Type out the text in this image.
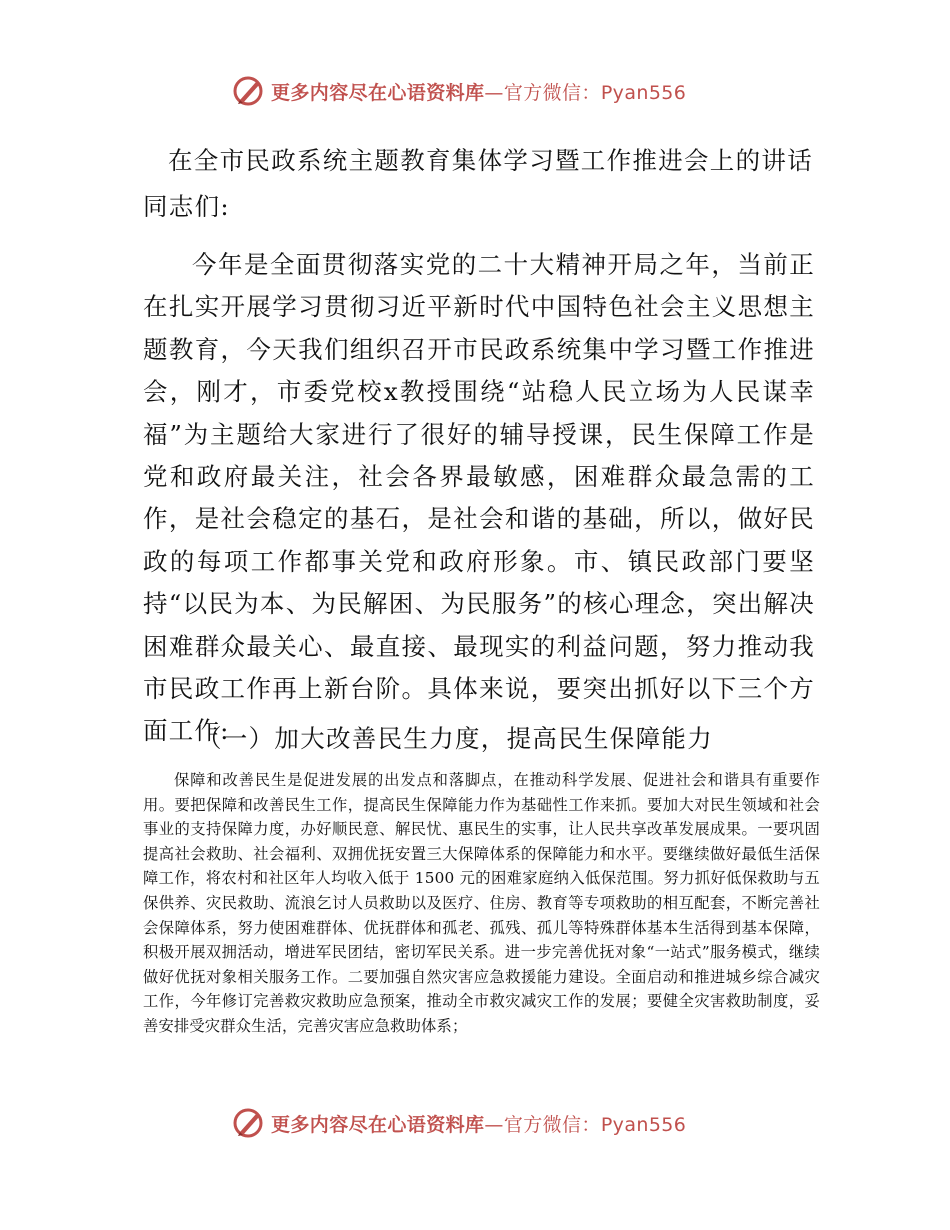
更多内容尽在心语资料库—官方微信：Pyan556
在全市民政系统主题教育集体学习暨工作推进会上的讲话
同志们:

今年是全面贯彻落实党的二十大精神开局之年，当前正在扎实开展学习贯彻习近平新时代中国特色社会主义思想主题教育，今天我们组织召开市民政系统集中学习暨工作推进会，刚才，市委党校x教授围绕“站稳人民立场为人民谋幸福”为主题给大家进行了很好的辅导授课，民生保障工作是党和政府最关注，社会各界最敏感，困难群众最急需的工作，是社会稳定的基石，是社会和谐的基础，所以，做好民政的每项工作都事关党和政府形象。市、镇民政部门要坚持“以民为本、为民解困、为民服务”的核心理念，突出解决困难群众最关心、最直接、最现实的利益问题，努力推动我市民政工作再上新台阶。具体来说，要突出抓好以下三个方面工作:

（一）加大改善民生力度，提高民生保障能力

保障和改善民生是促进发展的出发点和落脚点，在推动科学发展、促进社会和谐具有重要作用。要把保障和改善民生工作，提高民生保障能力作为基础性工作来抓。要加大对民生领域和社会事业的支持保障力度，办好顺民意、解民忧、惠民生的实事，让人民共享改革发展成果。一要巩固提高社会救助、社会福利、双拥优抚安置三大保障体系的保障能力和水平。要继续做好最低生活保障工作，将农村和社区年人均收入低于 1500 元的困难家庭纳入低保范围。努力抓好低保救助与五保供养、灾民救助、流浪乞讨人员救助以及医疗、住房、教育等专项救助的相互配套，不断完善社会保障体系，努力使困难群体、优抚群体和孤老、孤残、孤儿等特殊群体基本生活得到基本保障，积极开展双拥活动，增进军民团结，密切军民关系。进一步完善优抚对象“一站式”服务模式，继续做好优抚对象相关服务工作。二要加强自然灾害应急救援能力建设。全面启动和推进城乡综合减灾工作，今年修订完善救灾救助应急预案，推动全市救灾减灾工作的发展；要健全灾害救助制度，妥善安排受灾群众生活，完善灾害应急救助体系；

更多内容尽在心语资料库—官方微信：Pyan556
